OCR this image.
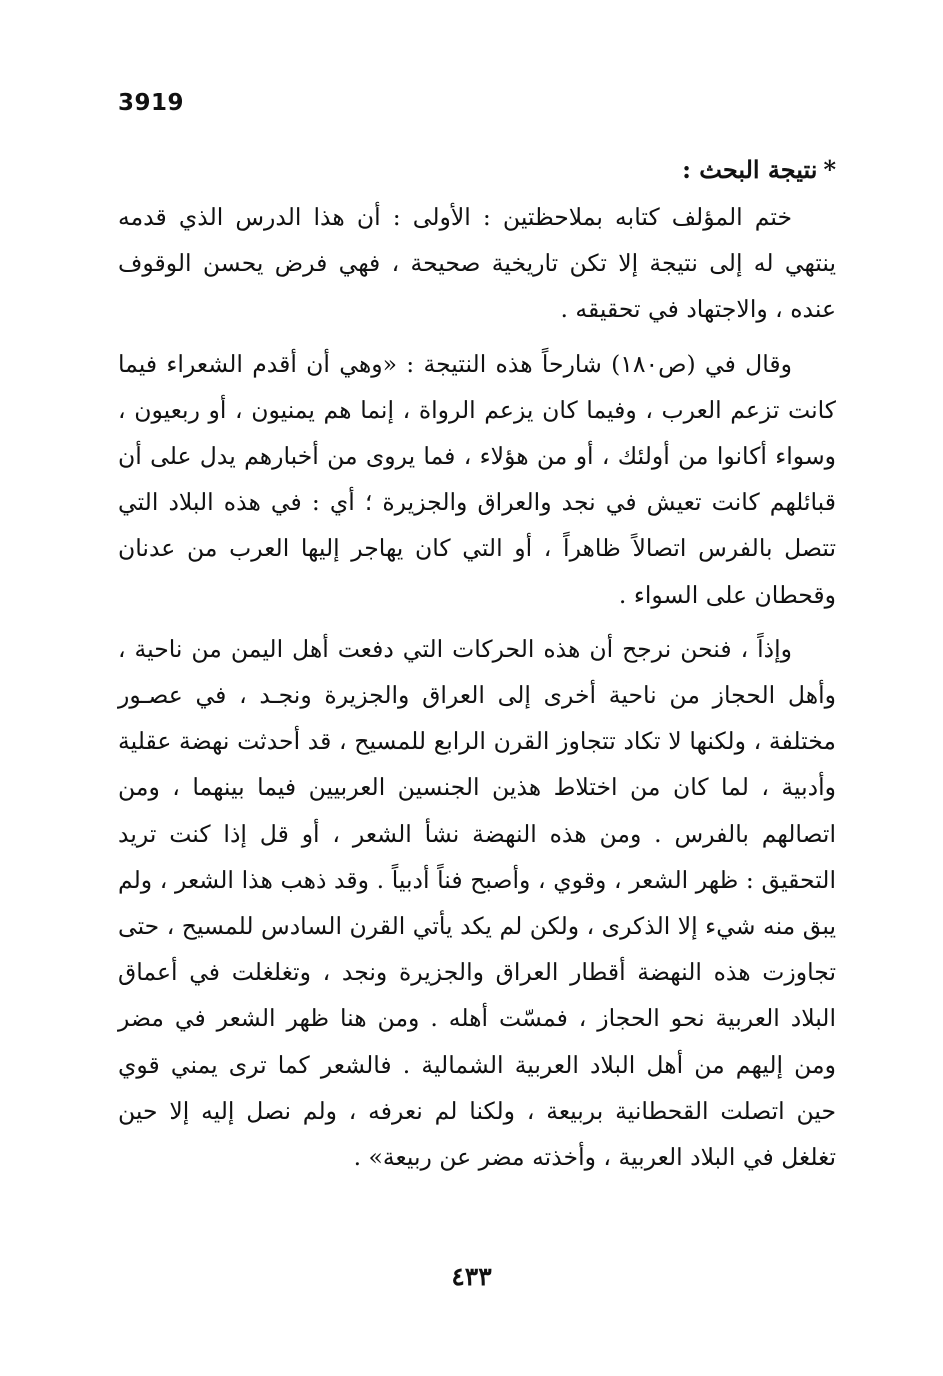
3919
*نتيجة البحث :

ختم المؤلف كتابه بملاحظتين : الأولى : أن هذا الدرس الذي قدمه ينتهي له إلى نتيجة إلا تكن تاريخية صحيحة ، فهي فرض يحسن الوقوف عنده ، والاجتهاد في تحقيقه .

وقال في (ص١٨٠) شارحاً هذه النتيجة : «وهي أن أقدم الشعراء فيما كانت تزعم العرب ، وفيما كان يزعم الرواة ، إنما هم يمنيون ، أو ربعيون ، وسواء أكانوا من أولئك ، أو من هؤلاء ، فما يروى من أخبارهم يدل على أن قبائلهم كانت تعيش في نجد والعراق والجزيرة ؛ أي : في هذه البلاد التي تتصل بالفرس اتصالاً ظاهراً ، أو التي كان يهاجر إليها العرب من عدنان وقحطان على السواء .

وإذاً ، فنحن نرجح أن هذه الحركات التي دفعت أهل اليمن من ناحية ، وأهل الحجاز من ناحية أخرى إلى العراق والجزيرة ونجـد ، في عصـور مختلفة ، ولكنها لا تكاد تتجاوز القرن الرابع للمسيح ، قد أحدثت نهضة عقلية وأدبية ، لما كان من اختلاط هذين الجنسين العربيين فيما بينهما ، ومن اتصالهم بالفرس . ومن هذه النهضة نشأ الشعر ، أو قل إذا كنت تريد التحقيق : ظهر الشعر ، وقوي ، وأصبح فناً أدبياً . وقد ذهب هذا الشعر ، ولم يبق منه شيء إلا الذكرى ، ولكن لم يكد يأتي القرن السادس للمسيح ، حتى تجاوزت هذه النهضة أقطار العراق والجزيرة ونجد ، وتغلغلت في أعماق البلاد العربية نحو الحجاز ، فمسّت أهله . ومن هنا ظهر الشعر في مضر ومن إليهم من أهل البلاد العربية الشمالية . فالشعر كما ترى يمني قوي حين اتصلت القحطانية بربيعة ، ولكنا لم نعرفه ، ولم نصل إليه إلا حين تغلغل في البلاد العربية ، وأخذته مضر عن ربيعة» .

٤٣٣
